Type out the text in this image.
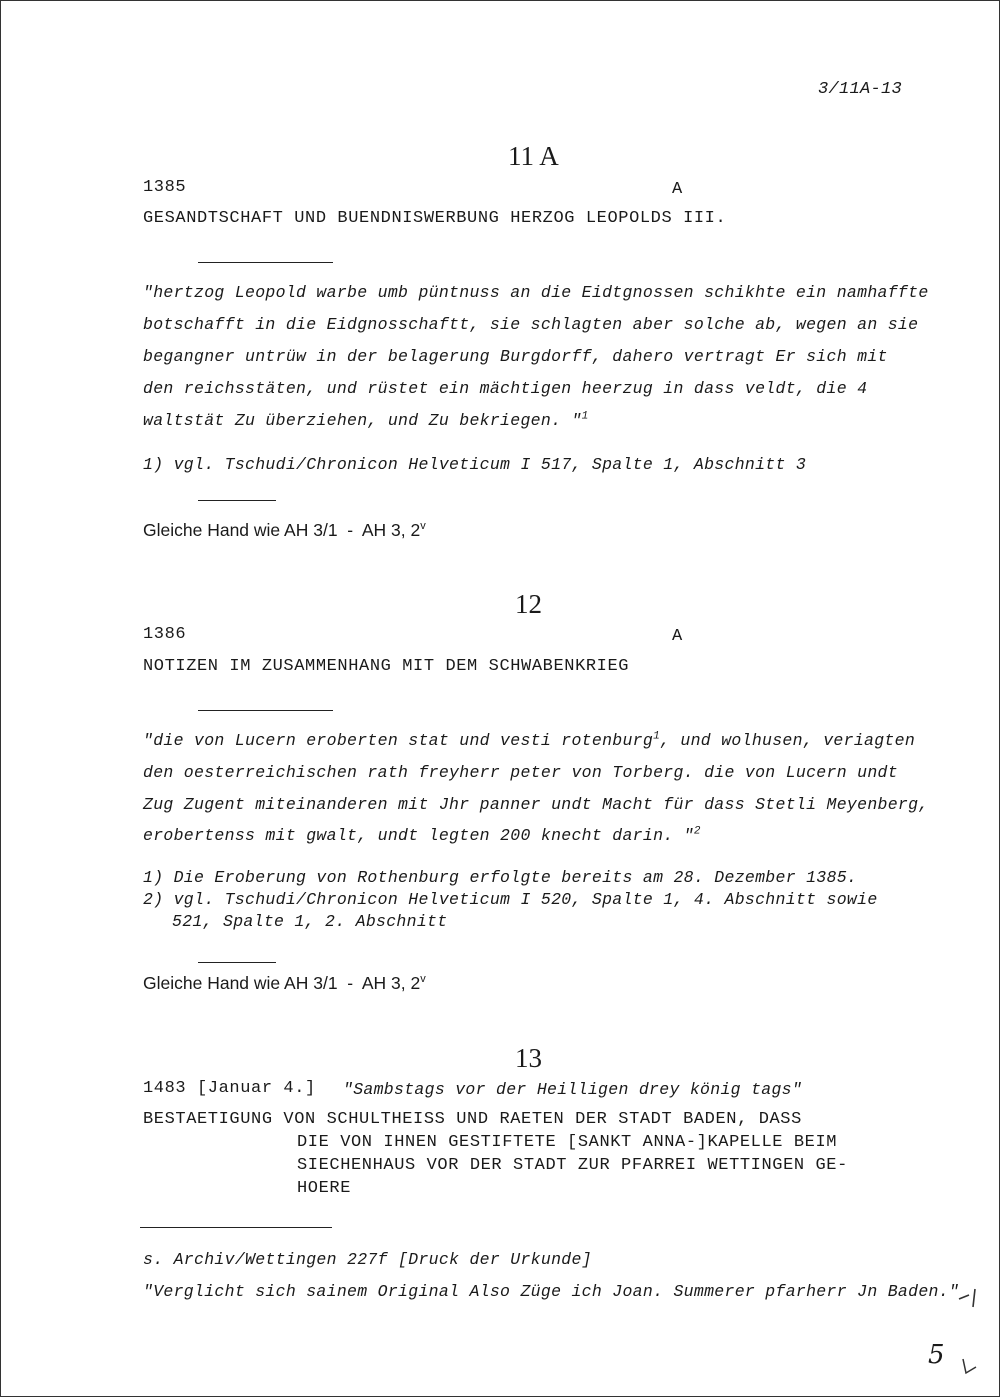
3/11A-13
11 A
1385	A
GESANDTSCHAFT UND BUENDNISWERBUNG HERZOG LEOPOLDS III.
"hertzog Leopold warbe umb püntnuss an die Eidtgnossen schikhte ein namhaffte
botschafft in die Eidgnosschaftt, sie schlagten aber solche ab, wegen an sie
begangner untrüw in der belagerung Burgdorff, dahero vertragt Er sich mit
den reichsstäten, und rüstet ein mächtigen heerzug in dass veldt, die 4
waltstät Zu überziehen, und Zu bekriegen. "$^1$
1) vgl. Tschudi/Chronicon Helveticum I 517, Spalte 1, Abschnitt 3
Gleiche Hand wie AH 3/1  -  AH 3, 2$^v$
12
1386	A
NOTIZEN IM ZUSAMMENHANG MIT DEM SCHWABENKRIEG
"die von Lucern eroberten stat und vesti rotenburg$^1$, und wolhusen, veriagten
den oesterreichischen rath freyherr peter von Torberg. die von Lucern undt
Zug Zugent miteinanderen mit Jhr panner undt Macht für dass Stetli Meyenberg,
erobertenss mit gwalt, undt legten 200 knecht darin. "$^2$
1) Die Eroberung von Rothenburg erfolgte bereits am 28. Dezember 1385.
2) vgl. Tschudi/Chronicon Helveticum I 520, Spalte 1, 4. Abschnitt sowie
521, Spalte 1, 2. Abschnitt
Gleiche Hand wie AH 3/1  -  AH 3, 2$^v$
13
1483 [Januar 4.] "Sambstags vor der Heilligen drey könig tags"
BESTAETIGUNG VON SCHULTHEISS UND RAETEN DER STADT BADEN, DASS
DIE VON IHNEN GESTIFTETE [SANKT ANNA-]KAPELLE BEIM
SIECHENHAUS VOR DER STADT ZUR PFARREI WETTINGEN GE-
HOERE
s. Archiv/Wettingen 227f [Druck der Urkunde]
"Verglicht sich sainem Original Also Züge ich Joan. Summerer pfarherr Jn Baden."
5
